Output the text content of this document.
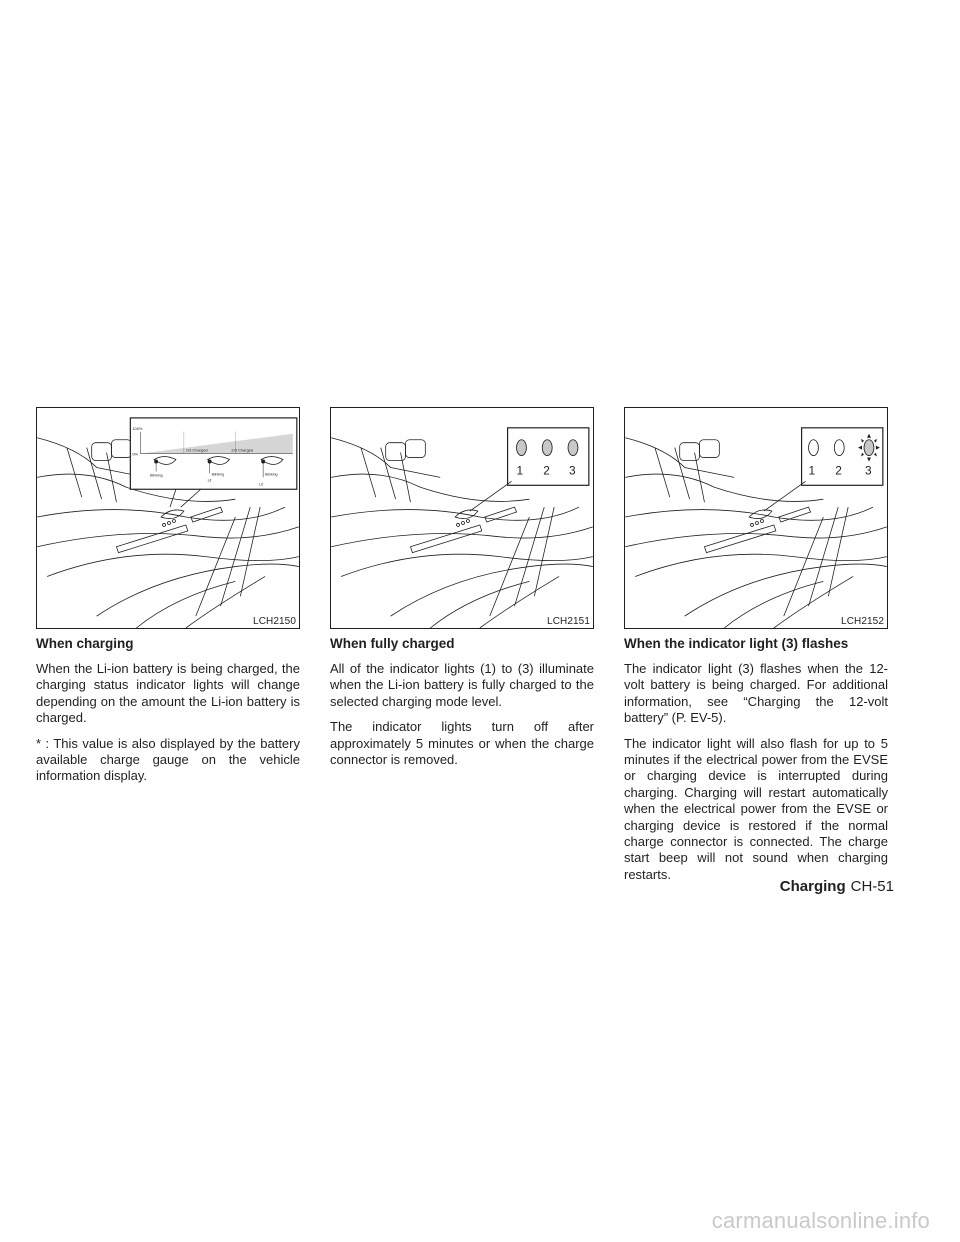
100%
0%
1/3 Charged	2/3 Charged
Blinking	Blinking	Blinking
Lit
Lit
LCH2150
1 2 3
LCH2151
1 2 3
LCH2152
When charging

When the Li-ion battery is being charged, the charging status indicator lights will change depending on the amount the Li-ion battery is charged.

* : This value is also displayed by the battery available charge gauge on the vehicle information display.

When fully charged

All of the indicator lights (1) to (3) illuminate when the Li-ion battery is fully charged to the selected charging mode level.

The indicator lights turn off after approximately 5 minutes or when the charge connector is removed.

When the indicator light (3) flashes

The indicator light (3) flashes when the 12-volt battery is being charged. For additional information, see “Charging the 12-volt battery” (P. EV-5).

The indicator light will also flash for up to 5 minutes if the electrical power from the EVSE or charging device is interrupted during charging. Charging will restart automatically when the electrical power from the EVSE or charging device is restored if the normal charge connector is connected. The charge start beep will not sound when charging restarts.

Charging CH-51
carmanualsonline.info
